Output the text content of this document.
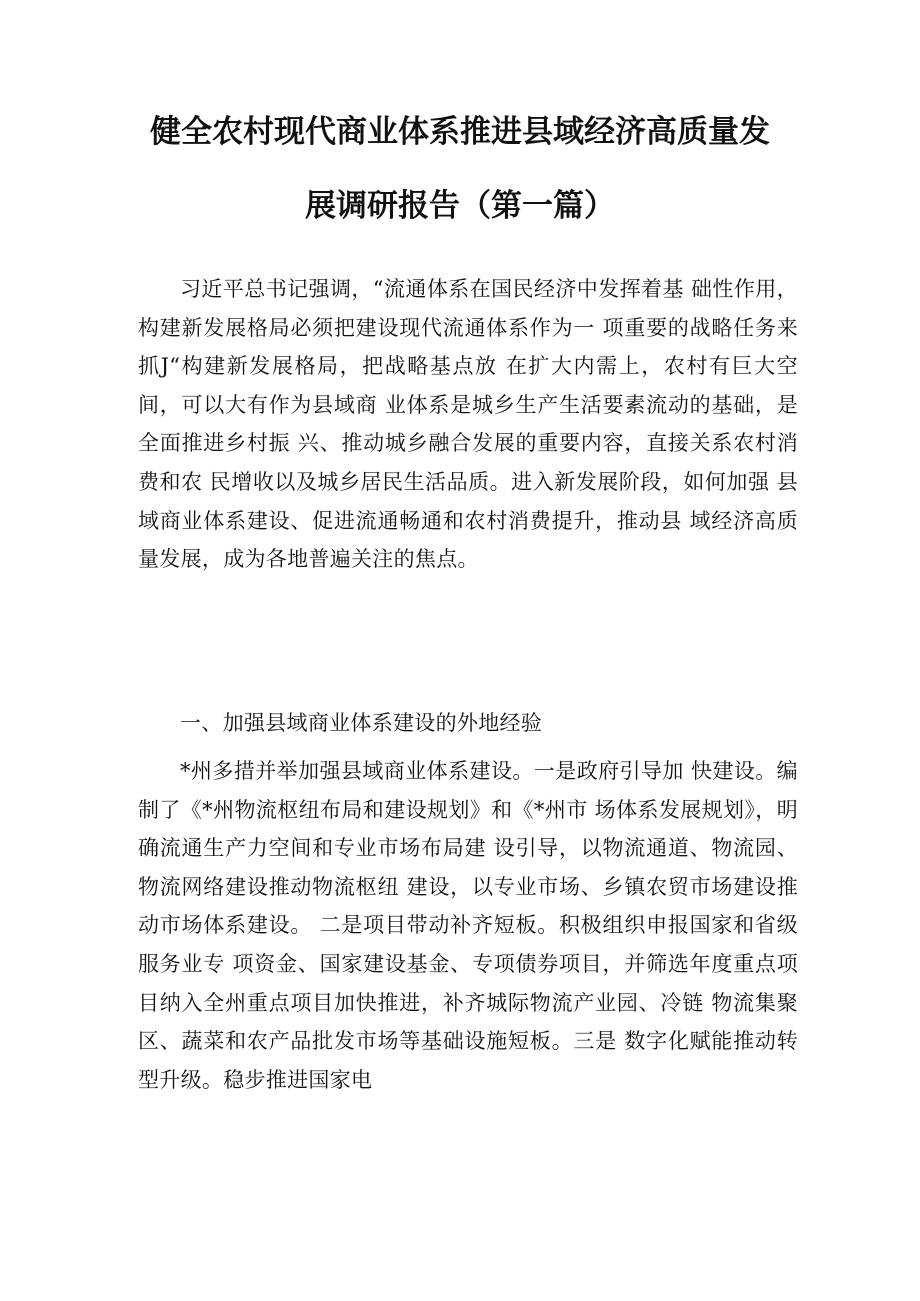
健全农村现代商业体系推进县域经济高质量发
展调研报告（第一篇）

习近平总书记强调，“流通体系在国民经济中发挥着基 础性作用，构建新发展格局必须把建设现代流通体系作为一 项重要的战略任务来抓J“构建新发展格局，把战略基点放 在扩大内需上，农村有巨大空间，可以大有作为县域商 业体系是城乡生产生活要素流动的基础，是全面推进乡村振 兴、推动城乡融合发展的重要内容，直接关系农村消费和农 民增收以及城乡居民生活品质。进入新发展阶段，如何加强 县域商业体系建设、促进流通畅通和农村消费提升，推动县 域经济高质量发展，成为各地普遍关注的焦点。

一、加强县域商业体系建设的外地经验

*州多措并举加强县域商业体系建设。一是政府引导加 快建设。编制了《*州物流枢纽布局和建设规划》和《*州市 场体系发展规划》，明确流通生产力空间和专业市场布局建 设引导，以物流通道、物流园、物流网络建设推动物流枢纽 建设，以专业市场、乡镇农贸市场建设推动市场体系建设。 二是项目带动补齐短板。积极组织申报国家和省级服务业专 项资金、国家建设基金、专项债券项目，并筛选年度重点项 目纳入全州重点项目加快推进，补齐城际物流产业园、冷链 物流集聚区、蔬菜和农产品批发市场等基础设施短板。三是 数字化赋能推动转型升级。稳步推进国家电
